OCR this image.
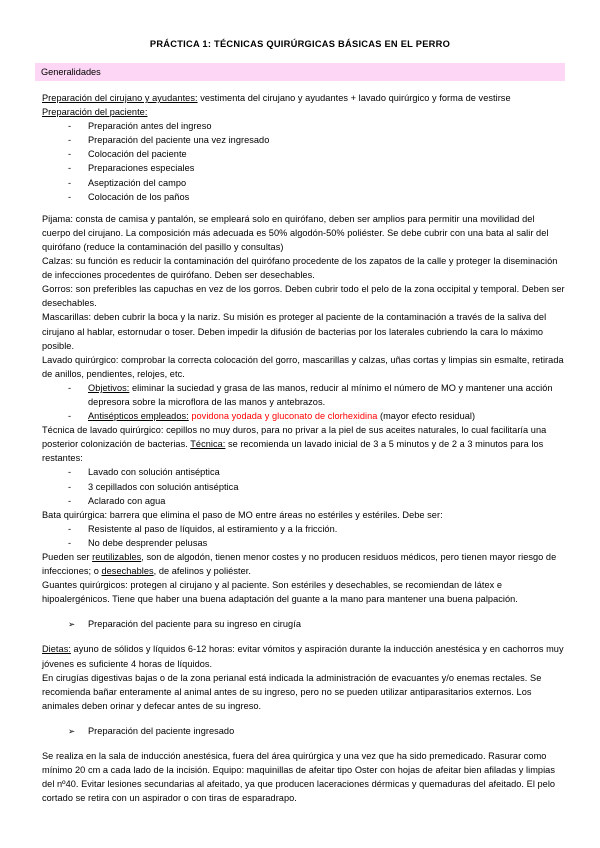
PRÁCTICA 1: TÉCNICAS QUIRÚRGICAS BÁSICAS EN EL PERRO
Generalidades

Preparación del cirujano y ayudantes: vestimenta del cirujano y ayudantes + lavado quirúrgico y forma de vestirse

Preparación del paciente:

- Preparación antes del ingreso
- Preparación del paciente una vez ingresado
- Colocación del paciente
- Preparaciones especiales
- Aseptización del campo
- Colocación de los paños

Pijama: consta de camisa y pantalón, se empleará solo en quirófano, deben ser amplios para permitir una movilidad del cuerpo del cirujano. La composición más adecuada es 50% algodón-50% poliéster. Se debe cubrir con una bata al salir del quirófano (reduce la contaminación del pasillo y consultas)

Calzas: su función es reducir la contaminación del quirófano procedente de los zapatos de la calle y proteger la diseminación de infecciones procedentes de quirófano. Deben ser desechables.

Gorros: son preferibles las capuchas en vez de los gorros. Deben cubrir todo el pelo de la zona occipital y temporal. Deben ser desechables.

Mascarillas: deben cubrir la boca y la nariz. Su misión es proteger al paciente de la contaminación a través de la saliva del cirujano al hablar, estornudar o toser. Deben impedir la difusión de bacterias por los laterales cubriendo la cara lo máximo posible.

Lavado quirúrgico: comprobar la correcta colocación del gorro, mascarillas y calzas, uñas cortas y limpias sin esmalte, retirada de anillos, pendientes, relojes, etc.

- Objetivos: eliminar la suciedad y grasa de las manos, reducir al mínimo el número de MO y mantener una acción depresora sobre la microflora de las manos y antebrazos.
- Antisépticos empleados: povidona yodada y gluconato de clorhexidina (mayor efecto residual)

Técnica de lavado quirúrgico: cepillos no muy duros, para no privar a la piel de sus aceites naturales, lo cual facilitaría una posterior colonización de bacterias. Técnica: se recomienda un lavado inicial de 3 a 5 minutos y de 2 a 3 minutos para los restantes:

- Lavado con solución antiséptica
- 3 cepillados con solución antiséptica
- Aclarado con agua

Bata quirúrgica: barrera que elimina el paso de MO entre áreas no estériles y estériles. Debe ser:

- Resistente al paso de líquidos, al estiramiento y a la fricción.
- No debe desprender pelusas

Pueden ser reutilizables, son de algodón, tienen menor costes y no producen residuos médicos, pero tienen mayor riesgo de infecciones; o desechables, de afelinos y poliéster.

Guantes quirúrgicos: protegen al cirujano y al paciente. Son estériles y desechables, se recomiendan de látex e hipoalergénicos. Tiene que haber una buena adaptación del guante a la mano para mantener una buena palpación.

➢ Preparación del paciente para su ingreso en cirugía

Dietas: ayuno de sólidos y líquidos 6-12 horas: evitar vómitos y aspiración durante la inducción anestésica y en cachorros muy jóvenes es suficiente 4 horas de líquidos.

En cirugías digestivas bajas o de la zona perianal está indicada la administración de evacuantes y/o enemas rectales. Se recomienda bañar enteramente al animal antes de su ingreso, pero no se pueden utilizar antiparasitarios externos. Los animales deben orinar y defecar antes de su ingreso.

➢ Preparación del paciente ingresado

Se realiza en la sala de inducción anestésica, fuera del área quirúrgica y una vez que ha sido premedicado. Rasurar como mínimo 20 cm a cada lado de la incisión. Equipo: maquinillas de afeitar tipo Oster con hojas de afeitar bien afiladas y limpias del nº40. Evitar lesiones secundarias al afeitado, ya que producen laceraciones dérmicas y quemaduras del afeitado. El pelo cortado se retira con un aspirador o con tiras de esparadrapo.
